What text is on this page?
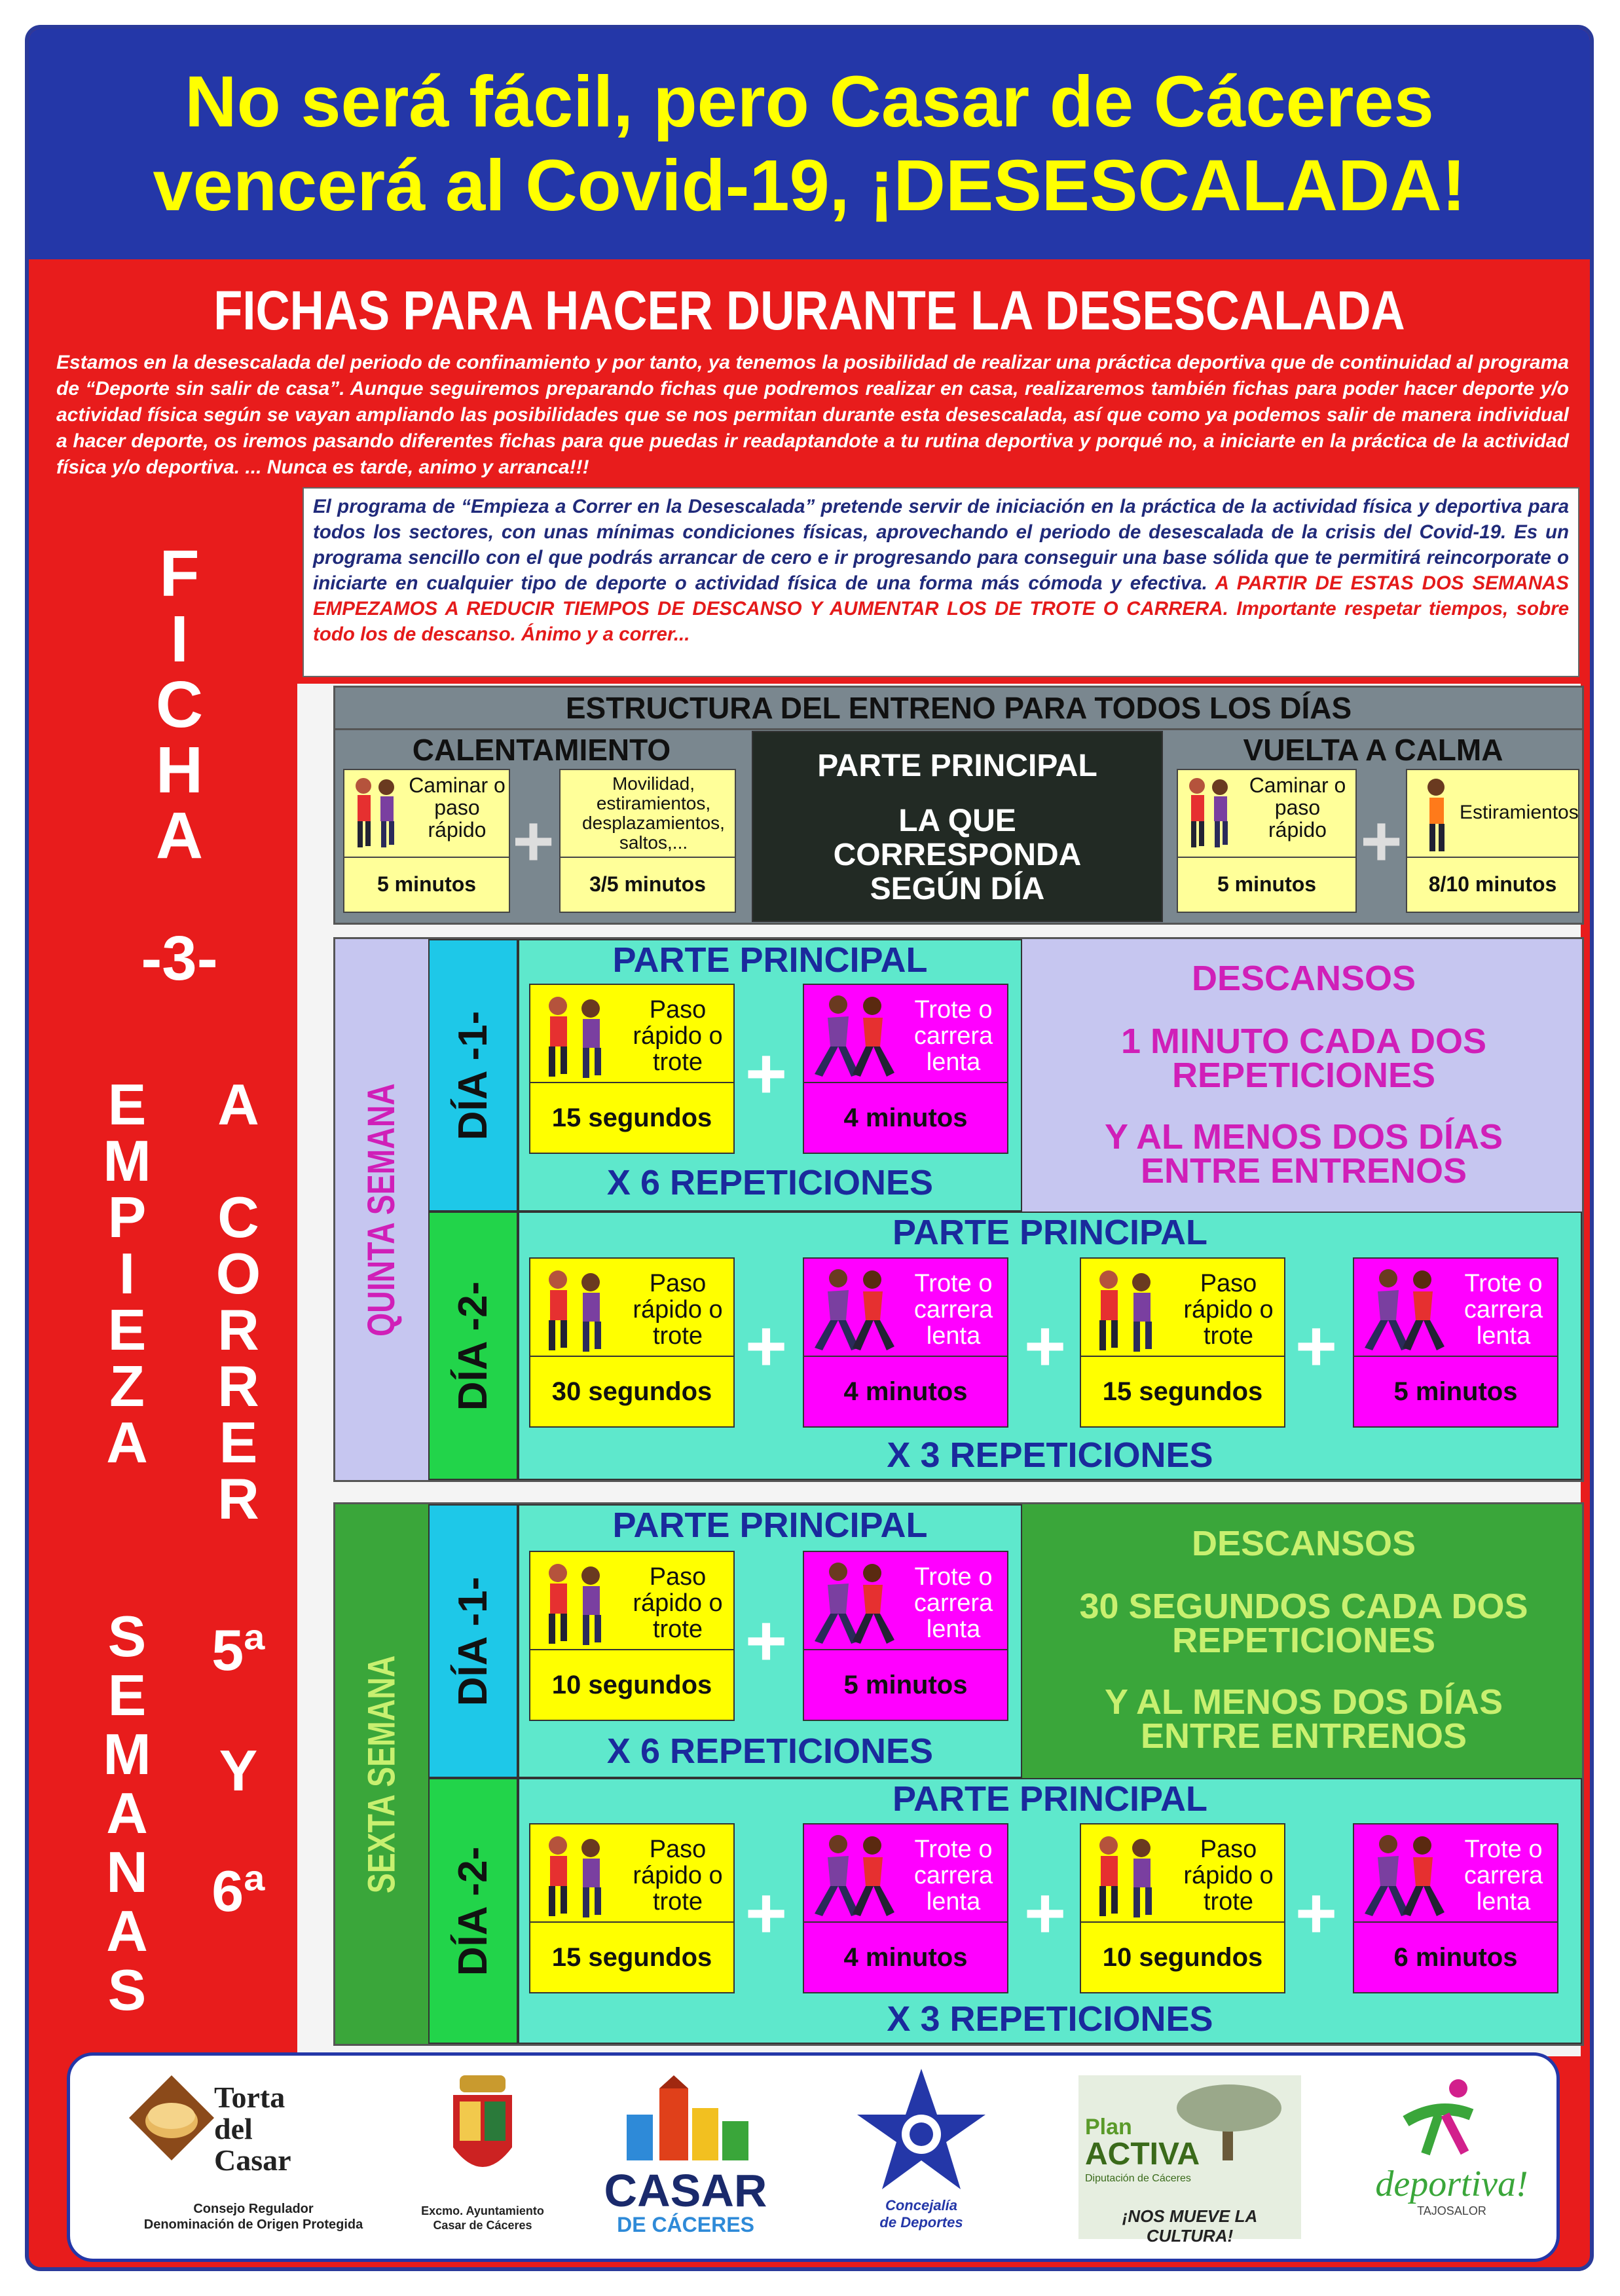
No será fácil, pero Casar de Cáceres
vencerá al Covid-19, ¡DESESCALADA!
FICHAS PARA HACER DURANTE LA DESESCALADA
Estamos en la desescalada del periodo de confinamiento y por tanto, ya tenemos la posibilidad de realizar una práctica deportiva que de continuidad al programa de “Deporte sin salir de casa”. Aunque seguiremos preparando fichas que podremos realizar en casa, realizaremos también fichas para poder hacer deporte y/o actividad física según se vayan ampliando las posibilidades que se nos permitan durante esta desescalada, así que como ya podemos salir de manera individual a hacer deporte, os iremos pasando diferentes fichas para que puedas ir readaptandote a tu rutina deportiva y porqué no, a iniciarte en la práctica de la actividad física y/o deportiva. ... Nunca es tarde, animo y arranca!!!
F
I
C
H
A
-3-
E
M
P
I
E
Z
A
A
C
O
R
R
E
R
S
E
M
A
N
A
S
5ª
Y
6ª
El programa de “Empieza a Correr en la Desescalada” pretende servir de iniciación en la práctica de la actividad física y deportiva para todos los sectores, con unas mínimas condiciones físicas, aprovechando el periodo de desescalada de la crisis del Covid-19. Es un programa sencillo con el que podrás arrancar de cero e ir progresando para conseguir una base sólida que te permitirá reincorporate o iniciarte en cualquier tipo de deporte o actividad física de una forma más cómoda y efectiva. A PARTIR DE ESTAS DOS SEMANAS EMPEZAMOS A REDUCIR TIEMPOS DE DESCANSO Y AUMENTAR LOS DE TROTE O CARRERA. Importante respetar tiempos, sobre todo los de descanso. Ánimo y a correr...
ESTRUCTURA DEL ENTRENO PARA TODOS LOS DÍAS
CALENTAMIENTO	VUELTA A CALMA
Caminar o paso rápido
5 minutos
+
Movilidad, estiramientos, desplazamientos, saltos,...
3/5 minutos
PARTE PRINCIPAL
LA QUE CORRESPONDA SEGÚN DÍA
Caminar o paso rápido
5 minutos
+	Estiramientos
8/10 minutos
QUINTA SEMANA
DÍA -1-
PARTE PRINCIPAL
Paso rápido o trote
15 segundos
+
Trote o carrera lenta
4 minutos
X 6 REPETICIONES
DESCANSOS
1 MINUTO CADA DOS REPETICIONES
Y AL MENOS DOS DÍAS ENTRE ENTRENOS
DÍA -2-
PARTE PRINCIPAL
Paso rápido o trote
30 segundos
+
Trote o carrera lenta
4 minutos
+
Paso rápido o trote
15 segundos
+
Trote o carrera lenta
5 minutos
X 3 REPETICIONES
SEXTA SEMANA
DÍA -1-
PARTE PRINCIPAL
Paso rápido o trote
10 segundos
+
Trote o carrera lenta
5 minutos
X 6 REPETICIONES
DESCANSOS
30 SEGUNDOS CADA DOS REPETICIONES
Y AL MENOS DOS DÍAS ENTRE ENTRENOS
DÍA -2-
PARTE PRINCIPAL
Paso rápido o trote
15 segundos
+
Trote o carrera lenta
4 minutos
+
Paso rápido o trote
10 segundos
+
Trote o carrera lenta
6 minutos
X 3 REPETICIONES
Torta
del
Casar
Consejo Regulador
Denominación de Origen Protegida
Excmo. Ayuntamiento
Casar de Cáceres
CASAR
DE CÁCERES
Concejalía
de Deportes
Plan
ACTIVA
Diputación de Cáceres
¡NOS MUEVE LA CULTURA!
deportiva!
TAJOSALOR
